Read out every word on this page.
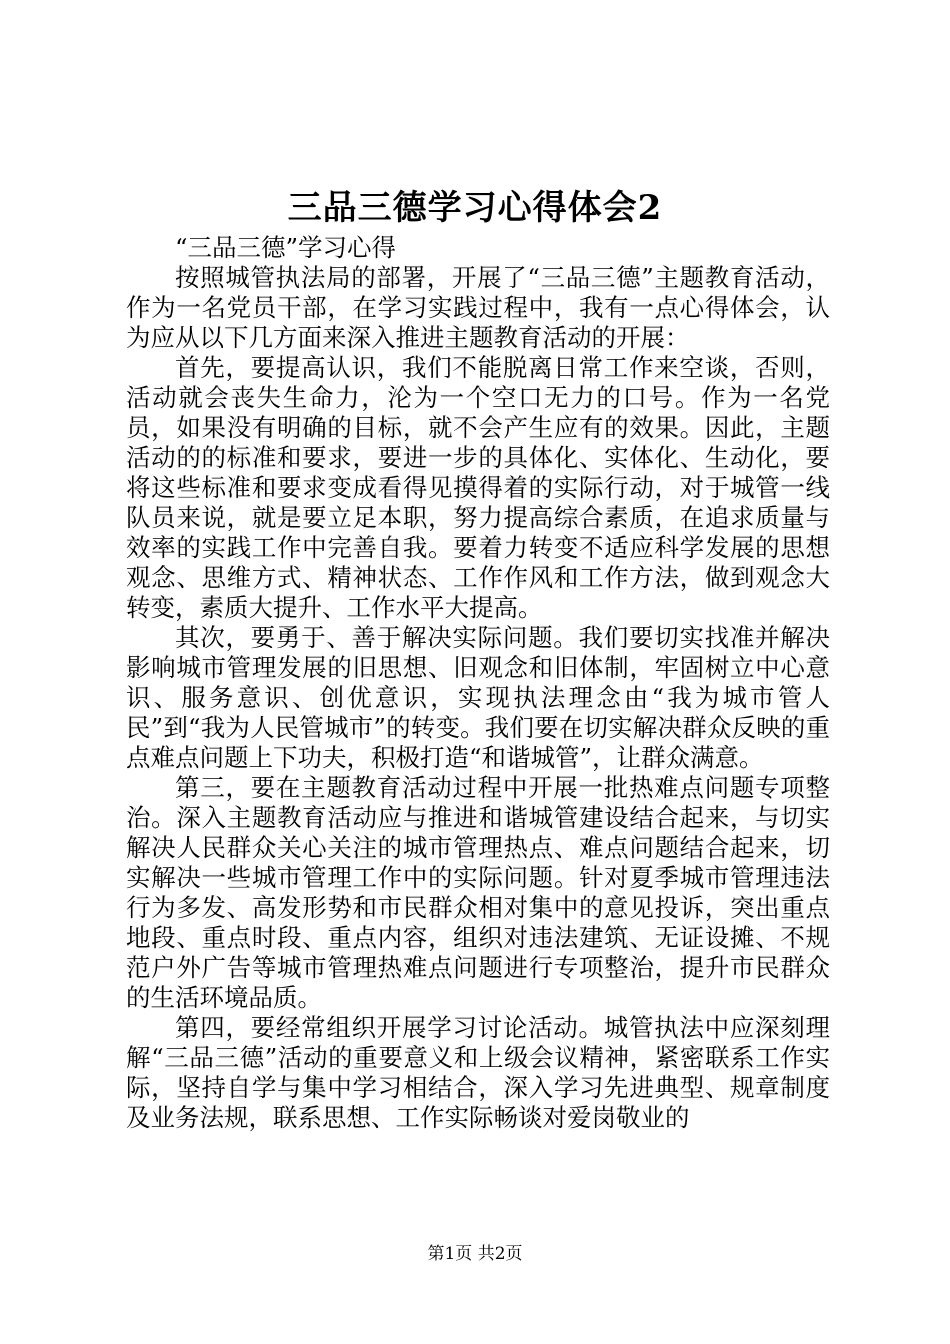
三品三德学习心得体会2

“三品三德”学习心得

按照城管执法局的部署，开展了“三品三德”主题教育活动，作为一名党员干部，在学习实践过程中，我有一点心得体会，认为应从以下几方面来深入推进主题教育活动的开展：

首先，要提高认识，我们不能脱离日常工作来空谈，否则，活动就会丧失生命力，沦为一个空口无力的口号。作为一名党员，如果没有明确的目标，就不会产生应有的效果。因此，主题活动的的标准和要求，要进一步的具体化、实体化、生动化，要将这些标准和要求变成看得见摸得着的实际行动，对于城管一线队员来说，就是要立足本职，努力提高综合素质，在追求质量与效率的实践工作中完善自我。要着力转变不适应科学发展的思想观念、思维方式、精神状态、工作作风和工作方法，做到观念大转变，素质大提升、工作水平大提高。

其次，要勇于、善于解决实际问题。我们要切实找准并解决影响城市管理发展的旧思想、旧观念和旧体制，牢固树立中心意识、服务意识、创优意识，实现执法理念由“我为城市管人民”到“我为人民管城市”的转变。我们要在切实解决群众反映的重点难点问题上下功夫，积极打造“和谐城管”，让群众满意。

第三，要在主题教育活动过程中开展一批热难点问题专项整治。深入主题教育活动应与推进和谐城管建设结合起来，与切实解决人民群众关心关注的城市管理热点、难点问题结合起来，切实解决一些城市管理工作中的实际问题。针对夏季城市管理违法行为多发、高发形势和市民群众相对集中的意见投诉，突出重点地段、重点时段、重点内容，组织对违法建筑、无证设摊、不规范户外广告等城市管理热难点问题进行专项整治，提升市民群众的生活环境品质。

第四，要经常组织开展学习讨论活动。城管执法中应深刻理解“三品三德”活动的重要意义和上级会议精神，紧密联系工作实际，坚持自学与集中学习相结合，深入学习先进典型、规章制度及业务法规，联系思想、工作实际畅谈对爱岗敬业的

第1页 共2页
